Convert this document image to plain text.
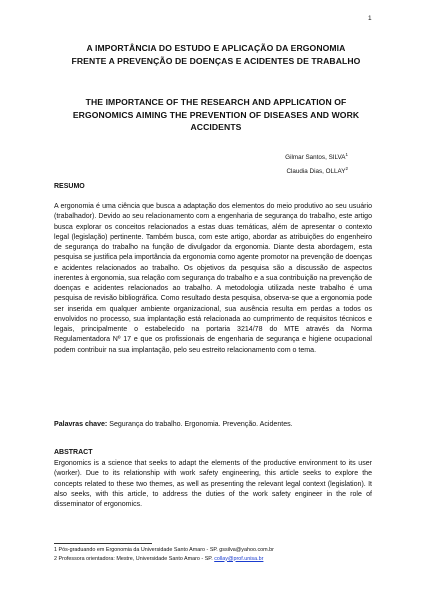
1
A IMPORTÂNCIA DO ESTUDO E APLICAÇÃO DA ERGONOMIA FRENTE A PREVENÇÃO DE DOENÇAS E ACIDENTES DE TRABALHO
THE IMPORTANCE OF THE RESEARCH AND APPLICATION OF ERGONOMICS AIMING THE PREVENTION OF DISEASES AND WORK ACCIDENTS
Gilmar Santos, SILVA$^1$
Claudia Dias, OLLAY$^2$
RESUMO
A ergonomia é uma ciência que busca a adaptação dos elementos do meio produtivo ao seu usuário (trabalhador). Devido ao seu relacionamento com a engenharia de segurança do trabalho, este artigo busca explorar os conceitos relacionados a estas duas temáticas, além de apresentar o contexto legal (legislação) pertinente. Também busca, com este artigo, abordar as atribuições do engenheiro de segurança do trabalho na função de divulgador da ergonomia. Diante desta abordagem, esta pesquisa se justifica pela importância da ergonomia como agente promotor na prevenção de doenças e acidentes relacionados ao trabalho. Os objetivos da pesquisa são a discussão de aspectos inerentes à ergonomia, sua relação com segurança do trabalho e a sua contribuição na prevenção de doenças e acidentes relacionados ao trabalho. A metodologia utilizada neste trabalho é uma pesquisa de revisão bibliográfica. Como resultado desta pesquisa, observa-se que a ergonomia pode ser inserida em qualquer ambiente organizacional, sua ausência resulta em perdas a todos os envolvidos no processo, sua implantação está relacionada ao cumprimento de requisitos técnicos e legais, principalmente o estabelecido na portaria 3214/78 do MTE através da Norma Regulamentadora Nº 17 e que os profissionais de engenharia de segurança e higiene ocupacional podem contribuir na sua implantação, pelo seu estreito relacionamento com o tema.
Palavras chave: Segurança do trabalho. Ergonomia. Prevenção. Acidentes.
ABSTRACT
Ergonomics is a science that seeks to adapt the elements of the productive environment to its user (worker). Due to its relationship with work safety engineering, this article seeks to explore the concepts related to these two themes, as well as presenting the relevant legal context (legislation). It also seeks, with this article, to address the duties of the work safety engineer in the role of disseminator of ergonomics.
1 Pós-graduando em Ergonomia da Universidade Santo Amaro - SP. gssilva@yahoo.com.br
2 Professora orientadora: Mestre, Universidade Santo Amaro - SP. collay@prof.unisa.br
